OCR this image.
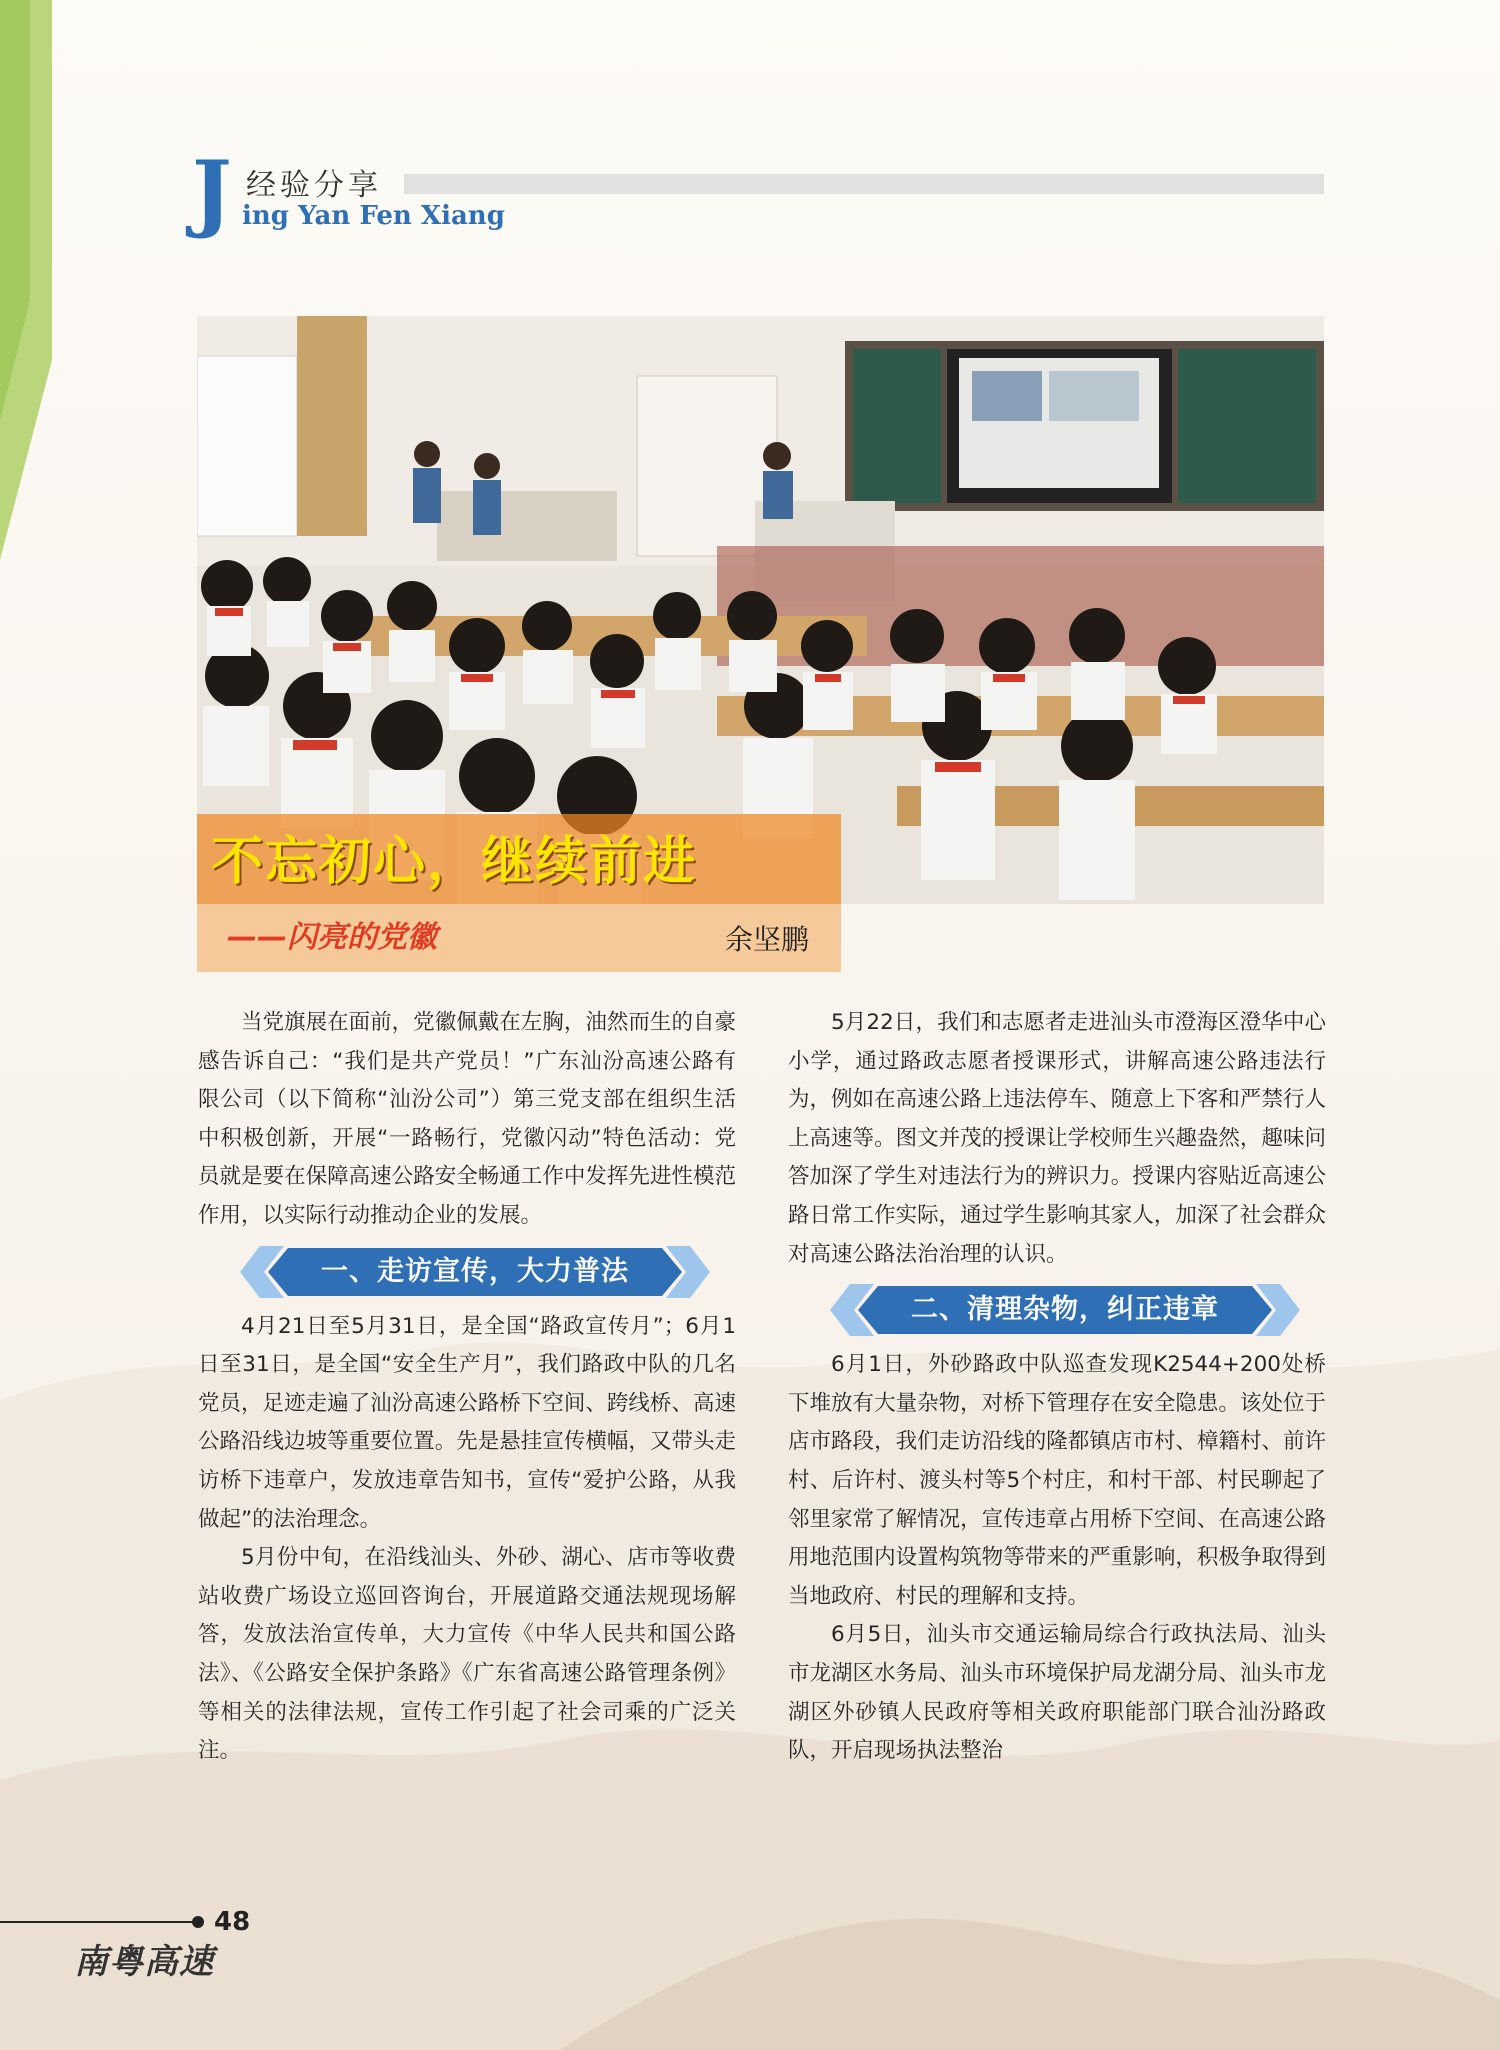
J 经验分享
ing Yan Fen Xiang
不忘初心，继续前进
——闪亮的党徽	余坚鹏

当党旗展在面前，党徽佩戴在左胸，油然而生的自豪感告诉自己：“我们是共产党员！”广东汕汾高速公路有限公司（以下简称“汕汾公司”）第三党支部在组织生活中积极创新，开展“一路畅行，党徽闪动”特色活动：党员就是要在保障高速公路安全畅通工作中发挥先进性模范作用，以实际行动推动企业的发展。

一、走访宣传，大力普法

4月21日至5月31日，是全国“路政宣传月”；6月1日至31日，是全国“安全生产月”，我们路政中队的几名党员，足迹走遍了汕汾高速公路桥下空间、跨线桥、高速公路沿线边坡等重要位置。先是悬挂宣传横幅，又带头走访桥下违章户，发放违章告知书，宣传“爱护公路，从我做起”的法治理念。

5月份中旬，在沿线汕头、外砂、湖心、店市等收费站收费广场设立巡回咨询台，开展道路交通法规现场解答，发放法治宣传单，大力宣传《中华人民共和国公路法》、《公路安全保护条路》《广东省高速公路管理条例》等相关的法律法规，宣传工作引起了社会司乘的广泛关注。

5月22日，我们和志愿者走进汕头市澄海区澄华中心小学，通过路政志愿者授课形式，讲解高速公路违法行为，例如在高速公路上违法停车、随意上下客和严禁行人上高速等。图文并茂的授课让学校师生兴趣盎然，趣味问答加深了学生对违法行为的辨识力。授课内容贴近高速公路日常工作实际，通过学生影响其家人，加深了社会群众对高速公路法治治理的认识。

二、清理杂物，纠正违章

6月1日，外砂路政中队巡查发现K2544+200处桥下堆放有大量杂物，对桥下管理存在安全隐患。该处位于店市路段，我们走访沿线的隆都镇店市村、樟籍村、前许村、后许村、渡头村等5个村庄，和村干部、村民聊起了邻里家常了解情况，宣传违章占用桥下空间、在高速公路用地范围内设置构筑物等带来的严重影响，积极争取得到当地政府、村民的理解和支持。

6月5日，汕头市交通运输局综合行政执法局、汕头市龙湖区水务局、汕头市环境保护局龙湖分局、汕头市龙湖区外砂镇人民政府等相关政府职能部门联合汕汾路政队，开启现场执法整治

48
南粤高速
